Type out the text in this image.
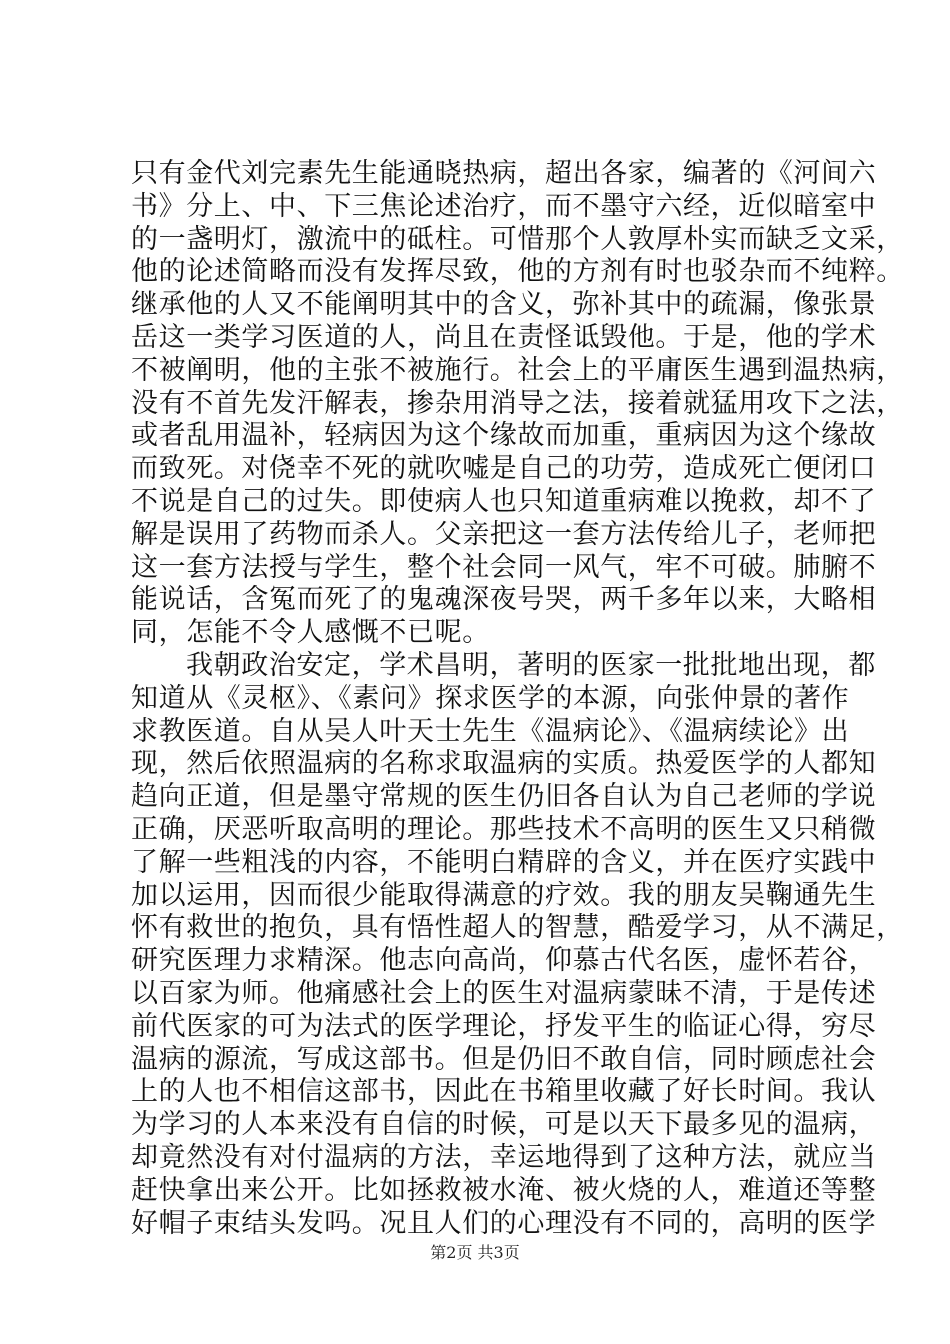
只有金代刘完素先生能通晓热病，超出各家，编著的《河间六
书》分上、中、下三焦论述治疗，而不墨守六经，近似暗室中
的一盏明灯，激流中的砥柱。可惜那个人敦厚朴实而缺乏文采，
他的论述简略而没有发挥尽致，他的方剂有时也驳杂而不纯粹。
继承他的人又不能阐明其中的含义，弥补其中的疏漏，像张景
岳这一类学习医道的人，尚且在责怪诋毁他。于是，他的学术
不被阐明，他的主张不被施行。社会上的平庸医生遇到温热病，
没有不首先发汗解表，掺杂用消导之法，接着就猛用攻下之法，
或者乱用温补，轻病因为这个缘故而加重，重病因为这个缘故
而致死。对侥幸不死的就吹嘘是自己的功劳，造成死亡便闭口
不说是自己的过失。即使病人也只知道重病难以挽救，却不了
解是误用了药物而杀人。父亲把这一套方法传给儿子，老师把
这一套方法授与学生，整个社会同一风气，牢不可破。肺腑不
能说话，含冤而死了的鬼魂深夜号哭，两千多年以来，大略相
同，怎能不令人感慨不已呢。
我朝政治安定，学术昌明，著明的医家一批批地出现，都
知道从《灵枢》、《素问》探求医学的本源，向张仲景的著作
求教医道。自从吴人叶天士先生《温病论》、《温病续论》出
现，然后依照温病的名称求取温病的实质。热爱医学的人都知
趋向正道，但是墨守常规的医生仍旧各自认为自己老师的学说
正确，厌恶听取高明的理论。那些技术不高明的医生又只稍微
了解一些粗浅的内容，不能明白精辟的含义，并在医疗实践中
加以运用，因而很少能取得满意的疗效。我的朋友吴鞠通先生
怀有救世的抱负，具有悟性超人的智慧，酷爱学习，从不满足，
研究医理力求精深。他志向高尚，仰慕古代名医，虚怀若谷，
以百家为师。他痛感社会上的医生对温病蒙昧不清，于是传述
前代医家的可为法式的医学理论，抒发平生的临证心得，穷尽
温病的源流，写成这部书。但是仍旧不敢自信，同时顾虑社会
上的人也不相信这部书，因此在书箱里收藏了好长时间。我认
为学习的人本来没有自信的时候，可是以天下最多见的温病，
却竟然没有对付温病的方法，幸运地得到了这种方法，就应当
赶快拿出来公开。比如拯救被水淹、被火烧的人，难道还等整
好帽子束结头发吗。况且人们的心理没有不同的，高明的医学
第2页 共3页
